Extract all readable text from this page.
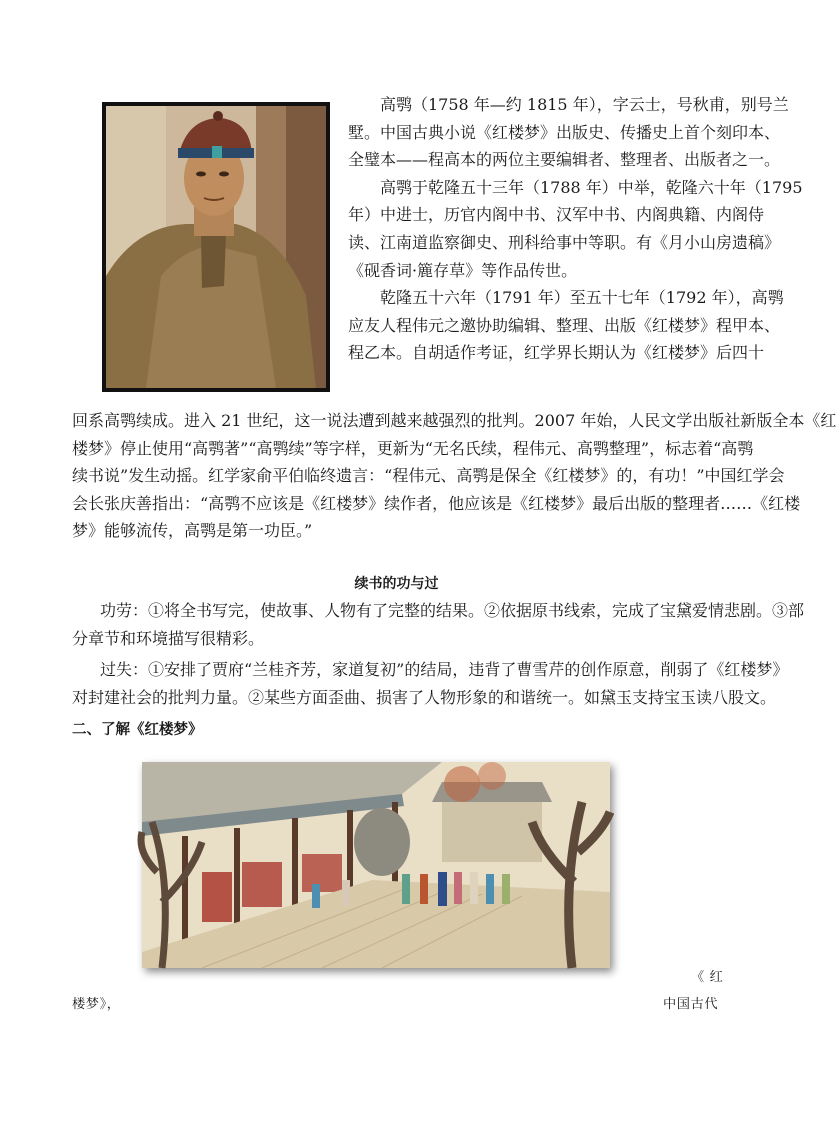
高鹗（1758 年—约 1815 年），字云士，号秋甫，别号兰
墅。中国古典小说《红楼梦》出版史、传播史上首个刻印本、
全璧本——程高本的两位主要编辑者、整理者、出版者之一。
高鹗于乾隆五十三年（1788 年）中举，乾隆六十年（1795
年）中进士，历官内阁中书、汉军中书、内阁典籍、内阁侍
读、江南道监察御史、刑科给事中等职。有《月小山房遗稿》
《砚香词·簏存草》等作品传世。
乾隆五十六年（1791 年）至五十七年（1792 年），高鹗
应友人程伟元之邀协助编辑、整理、出版《红楼梦》程甲本、
程乙本。自胡适作考证，红学界长期认为《红楼梦》后四十
回系高鹗续成。进入 21 世纪，这一说法遭到越来越强烈的批判。2007 年始，人民文学出版社新版全本《红
楼梦》停止使用“高鹗著”“高鹗续”等字样，更新为“无名氏续，程伟元、高鹗整理”，标志着“高鹗
续书说”发生动摇。红学家俞平伯临终遗言：“程伟元、高鹗是保全《红楼梦》的，有功！”中国红学会
会长张庆善指出：“高鹗不应该是《红楼梦》续作者，他应该是《红楼梦》最后出版的整理者……《红楼
梦》能够流传，高鹗是第一功臣。”
续书的功与过
功劳：①将全书写完，使故事、人物有了完整的结果。②依据原书线索，完成了宝黛爱情悲剧。③部
分章节和环境描写很精彩。
过失：①安排了贾府“兰桂齐芳，家道复初”的结局，违背了曹雪芹的创作原意，削弱了《红楼梦》
对封建社会的批判力量。②某些方面歪曲、损害了人物形象的和谐统一。如黛玉支持宝玉读八股文。
二、了解《红楼梦》
《 红
楼梦》，	中国古代
